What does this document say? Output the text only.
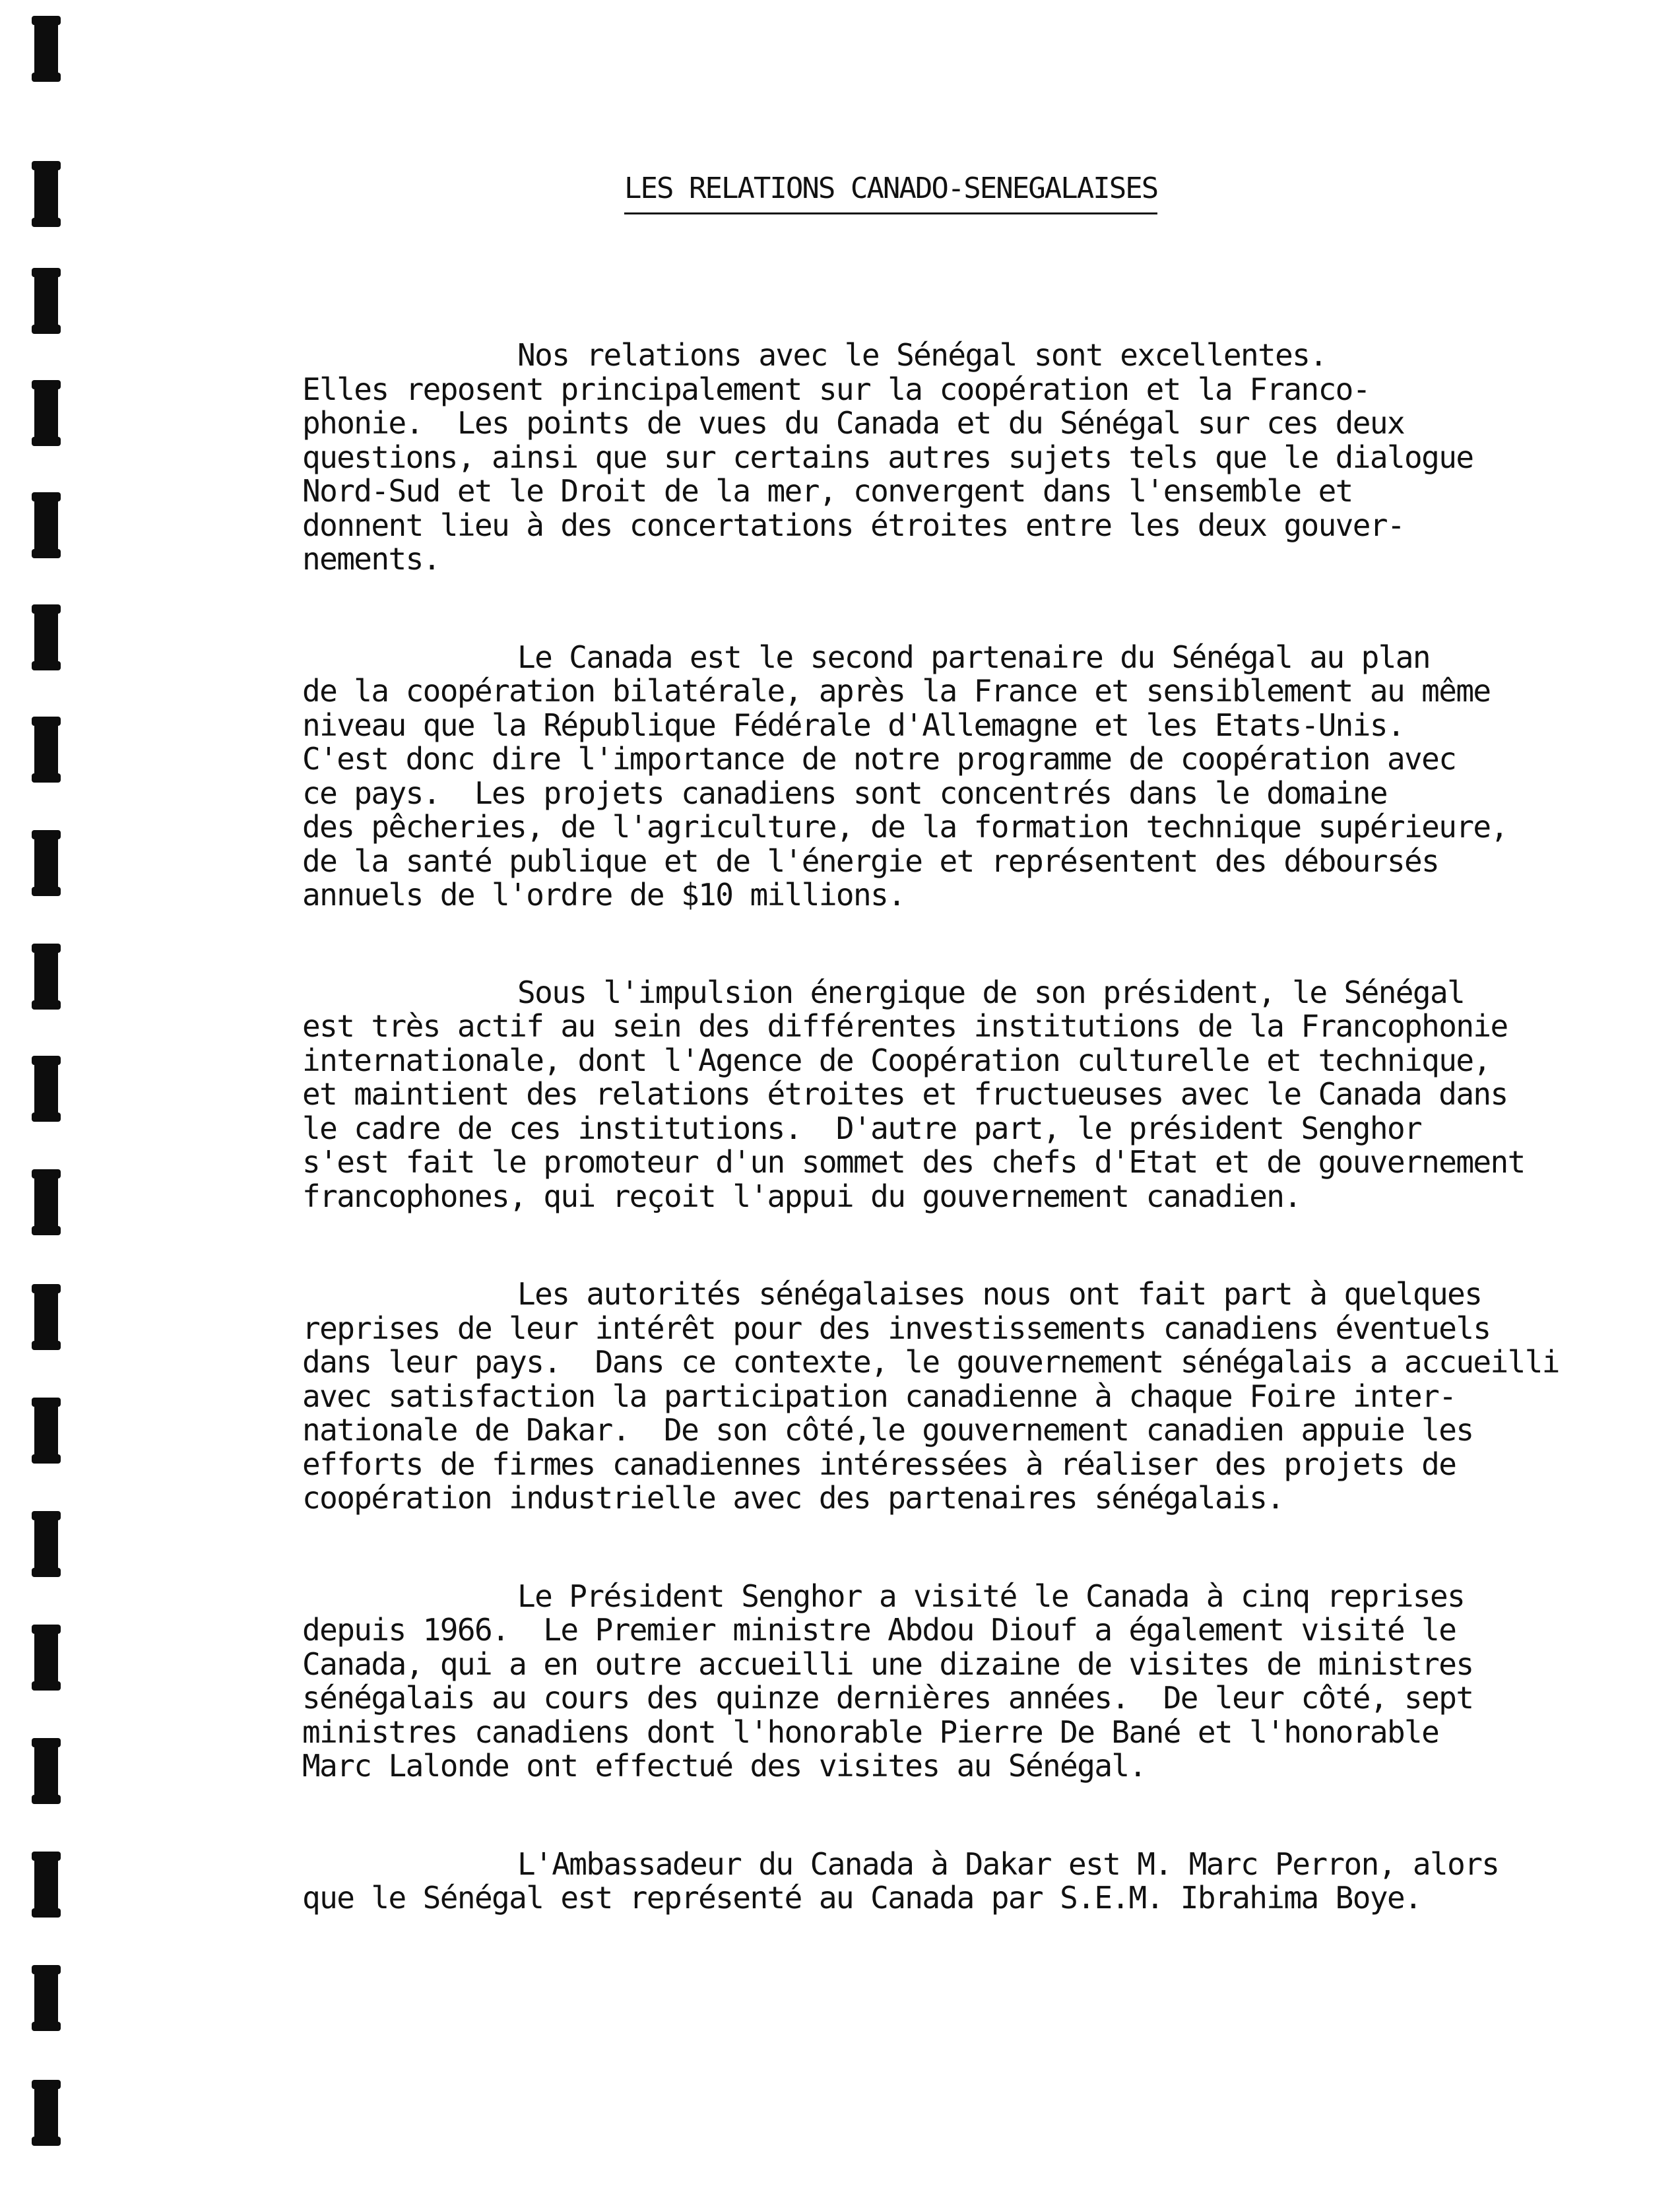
LES RELATIONS CANADO-SENEGALAISES
Nos relations avec le Sénégal sont excellentes.
Elles reposent principalement sur la coopération et la Franco-
phonie.  Les points de vues du Canada et du Sénégal sur ces deux
questions, ainsi que sur certains autres sujets tels que le dialogue
Nord-Sud et le Droit de la mer, convergent dans l'ensemble et
donnent lieu à des concertations étroites entre les deux gouver-
nements.
Le Canada est le second partenaire du Sénégal au plan
de la coopération bilatérale, après la France et sensiblement au même
niveau que la République Fédérale d'Allemagne et les Etats-Unis.
C'est donc dire l'importance de notre programme de coopération avec
ce pays.  Les projets canadiens sont concentrés dans le domaine
des pêcheries, de l'agriculture, de la formation technique supérieure,
de la santé publique et de l'énergie et représentent des déboursés
annuels de l'ordre de $10 millions.
Sous l'impulsion énergique de son président, le Sénégal
est très actif au sein des différentes institutions de la Francophonie
internationale, dont l'Agence de Coopération culturelle et technique,
et maintient des relations étroites et fructueuses avec le Canada dans
le cadre de ces institutions.  D'autre part, le président Senghor
s'est fait le promoteur d'un sommet des chefs d'Etat et de gouvernement
francophones, qui reçoit l'appui du gouvernement canadien.
Les autorités sénégalaises nous ont fait part à quelques
reprises de leur intérêt pour des investissements canadiens éventuels
dans leur pays.  Dans ce contexte, le gouvernement sénégalais a accueilli
avec satisfaction la participation canadienne à chaque Foire inter-
nationale de Dakar.  De son côté,le gouvernement canadien appuie les
efforts de firmes canadiennes intéressées à réaliser des projets de
coopération industrielle avec des partenaires sénégalais.
Le Président Senghor a visité le Canada à cinq reprises
depuis 1966.  Le Premier ministre Abdou Diouf a également visité le
Canada, qui a en outre accueilli une dizaine de visites de ministres
sénégalais au cours des quinze dernières années.  De leur côté, sept
ministres canadiens dont l'honorable Pierre De Bané et l'honorable
Marc Lalonde ont effectué des visites au Sénégal.
L'Ambassadeur du Canada à Dakar est M. Marc Perron, alors
que le Sénégal est représenté au Canada par S.E.M. Ibrahima Boye.
